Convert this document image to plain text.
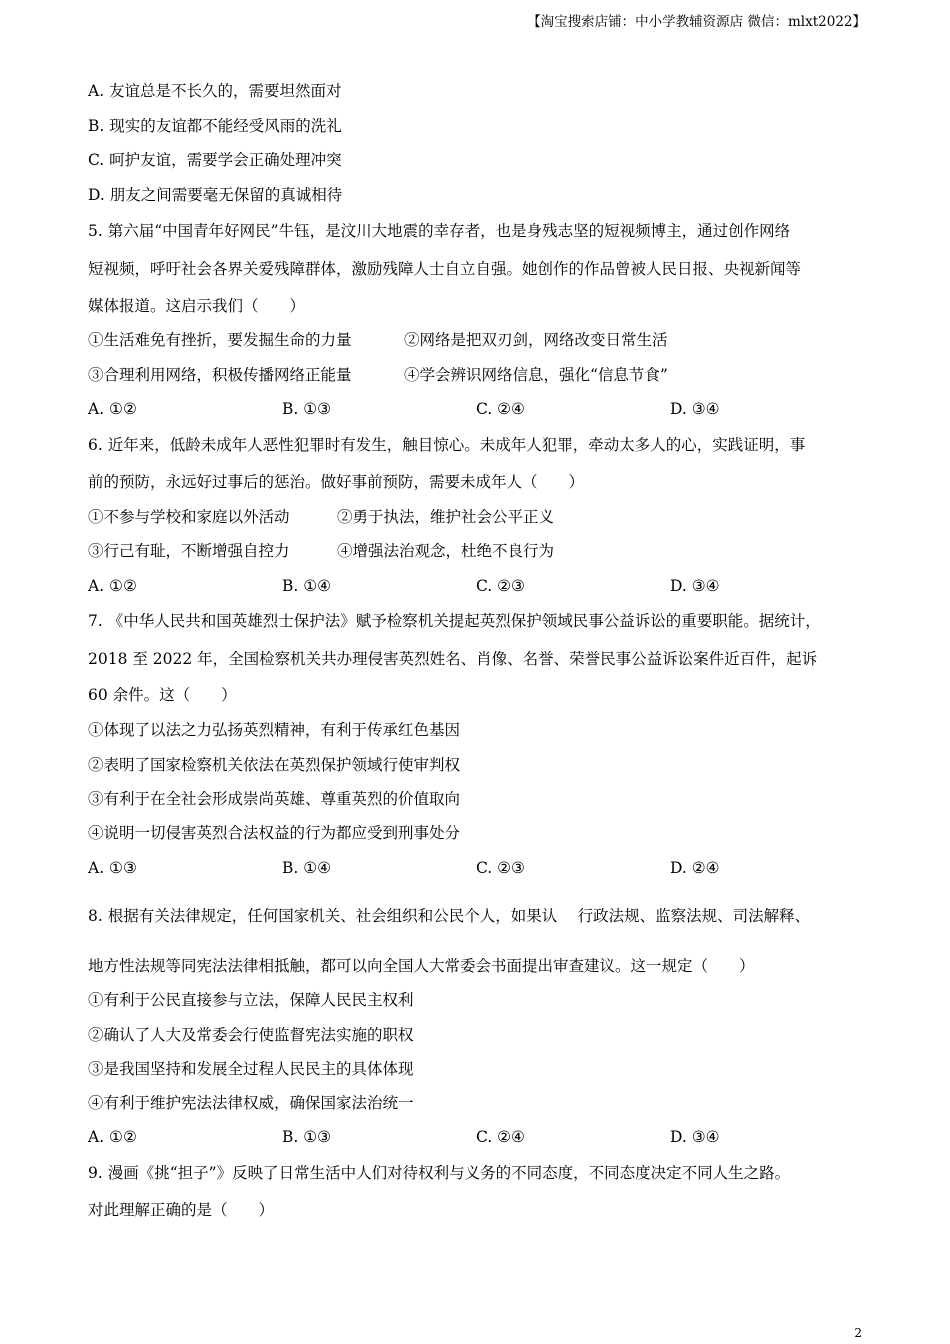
【淘宝搜索店铺：中小学教辅资源店 微信：mlxt2022】
A. 友谊总是不长久的，需要坦然面对
B. 现实的友谊都不能经受风雨的洗礼
C. 呵护友谊，需要学会正确处理冲突
D. 朋友之间需要毫无保留的真诚相待
5. 第六届“中国青年好网民”牛钰，是汶川大地震的幸存者，也是身残志坚的短视频博主，通过创作网络
短视频，呼吁社会各界关爱残障群体，激励残障人士自立自强。她创作的作品曾被人民日报、央视新闻等
媒体报道。这启示我们（　　）
①生活难免有挫折，要发掘生命的力量	②网络是把双刃剑，网络改变日常生活
③合理利用网络，积极传播网络正能量	④学会辨识网络信息，强化“信息节食”
A. ①②	B. ①③	C. ②④	D. ③④
6. 近年来，低龄未成年人恶性犯罪时有发生，触目惊心。未成年人犯罪，牵动太多人的心，实践证明，事
前的预防，永远好过事后的惩治。做好事前预防，需要未成年人（　　）
①不参与学校和家庭以外活动	②勇于执法，维护社会公平正义
③行己有耻，不断增强自控力	④增强法治观念，杜绝不良行为
A. ①②	B. ①④	C. ②③	D. ③④
7. 《中华人民共和国英雄烈士保护法》赋予检察机关提起英烈保护领域民事公益诉讼的重要职能。据统计，
2018 至 2022 年，全国检察机关共办理侵害英烈姓名、肖像、名誉、荣誉民事公益诉讼案件近百件，起诉
60 余件。这（　　）
①体现了以法之力弘扬英烈精神，有利于传承红色基因
②表明了国家检察机关依法在英烈保护领域行使审判权
③有利于在全社会形成崇尚英雄、尊重英烈的价值取向
④说明一切侵害英烈合法权益的行为都应受到刑事处分
A. ①③	B. ①④	C. ②③	D. ②④
8. 根据有关法律规定，任何国家机关、社会组织和公民个人，如果认　 行政法规、监察法规、司法解释、
地方性法规等同宪法法律相抵触，都可以向全国人大常委会书面提出审查建议。这一规定（　　）
①有利于公民直接参与立法，保障人民民主权利
②确认了人大及常委会行使监督宪法实施的职权
③是我国坚持和发展全过程人民民主的具体体现
④有利于维护宪法法律权威，确保国家法治统一
A. ①②	B. ①③	C. ②④	D. ③④
9. 漫画《挑“担子”》反映了日常生活中人们对待权利与义务的不同态度，不同态度决定不同人生之路。
对此理解正确的是（　　）
2
